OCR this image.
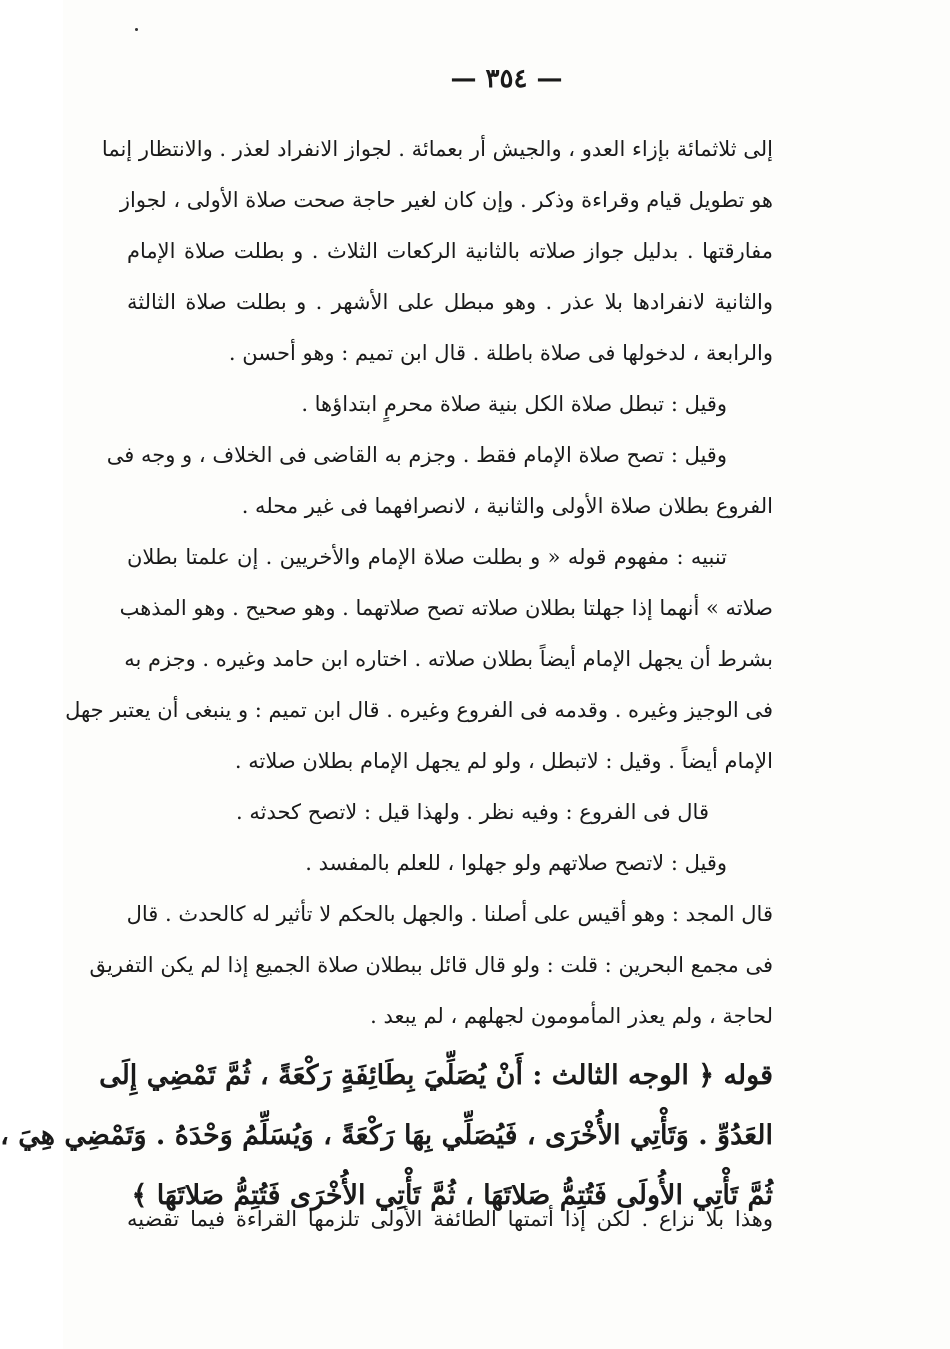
— ٣٥٤ —
إلى ثلاثمائة بإزاء العدو ، والجيش أر بعمائة . لجواز الانفراد لعذر . والانتظار إنما
هو تطويل قيام وقراءة وذكر . وإن كان لغير حاجة صحت صلاة الأولى ، لجواز
مفارقتها . بدليل جواز صلاته بالثانية الركعات الثلاث . و بطلت صلاة الإمام
والثانية لانفرادها بلا عذر . وهو مبطل على الأشهر . و بطلت صلاة الثالثة
والرابعة ، لدخولها فى صلاة باطلة . قال ابن تميم : وهو أحسن .
وقيل : تبطل صلاة الكل بنية صلاة محرمٍ ابتداؤها .
وقيل : تصح صلاة الإمام فقط . وجزم به القاضى فى الخلاف ، و وجه فى
الفروع بطلان صلاة الأولى والثانية ، لانصرافهما فى غير محله .
تنبيه : مفهوم قوله « و بطلت صلاة الإمام والأخريين . إن علمتا بطلان
صلاته » أنهما إذا جهلتا بطلان صلاته تصح صلاتهما . وهو صحيح . وهو المذهب
بشرط أن يجهل الإمام أيضاً بطلان صلاته . اختاره ابن حامد وغيره . وجزم به
فى الوجيز وغيره . وقدمه فى الفروع وغيره . قال ابن تميم : و ينبغى أن يعتبر جهل
الإمام أيضاً . وقيل : لاتبطل ، ولو لم يجهل الإمام بطلان صلاته .
قال فى الفروع : وفيه نظر . ولهذا قيل : لاتصح كحدثه .
وقيل : لاتصح صلاتهم ولو جهلوا ، للعلم بالمفسد .
قال المجد : وهو أقيس على أصلنا . والجهل بالحكم لا تأثير له كالحدث . قال
فى مجمع البحرين : قلت : ولو قال قائل ببطلان صلاة الجميع إذا لم يكن التفريق
لحاجة ، ولم يعذر المأمومون لجهلهم ، لم يبعد .
قوله ﴿ الوجه الثالث : أَنْ يُصَلِّيَ بِطَائِفَةٍ رَكْعَةً ، ثُمَّ تَمْضِي إِلَى
العَدُوِّ . وَتَأْتِي الأُخْرَى ، فَيُصَلِّي بِهَا رَكْعَةً ، وَيُسَلِّمُ وَحْدَهُ . وَتَمْضِي هِيَ ،
ثُمَّ تَأْتِي الأُولَى فَتُتِمُّ صَلاتَهَا ، ثُمَّ تَأْتِي الأُخْرَى فَتُتِمُّ صَلاتَهَا ﴾
وهذا بلا نزاع . لكن إذا أتمتها الطائفة الأولى تلزمها القراءة فيما تقضيه
